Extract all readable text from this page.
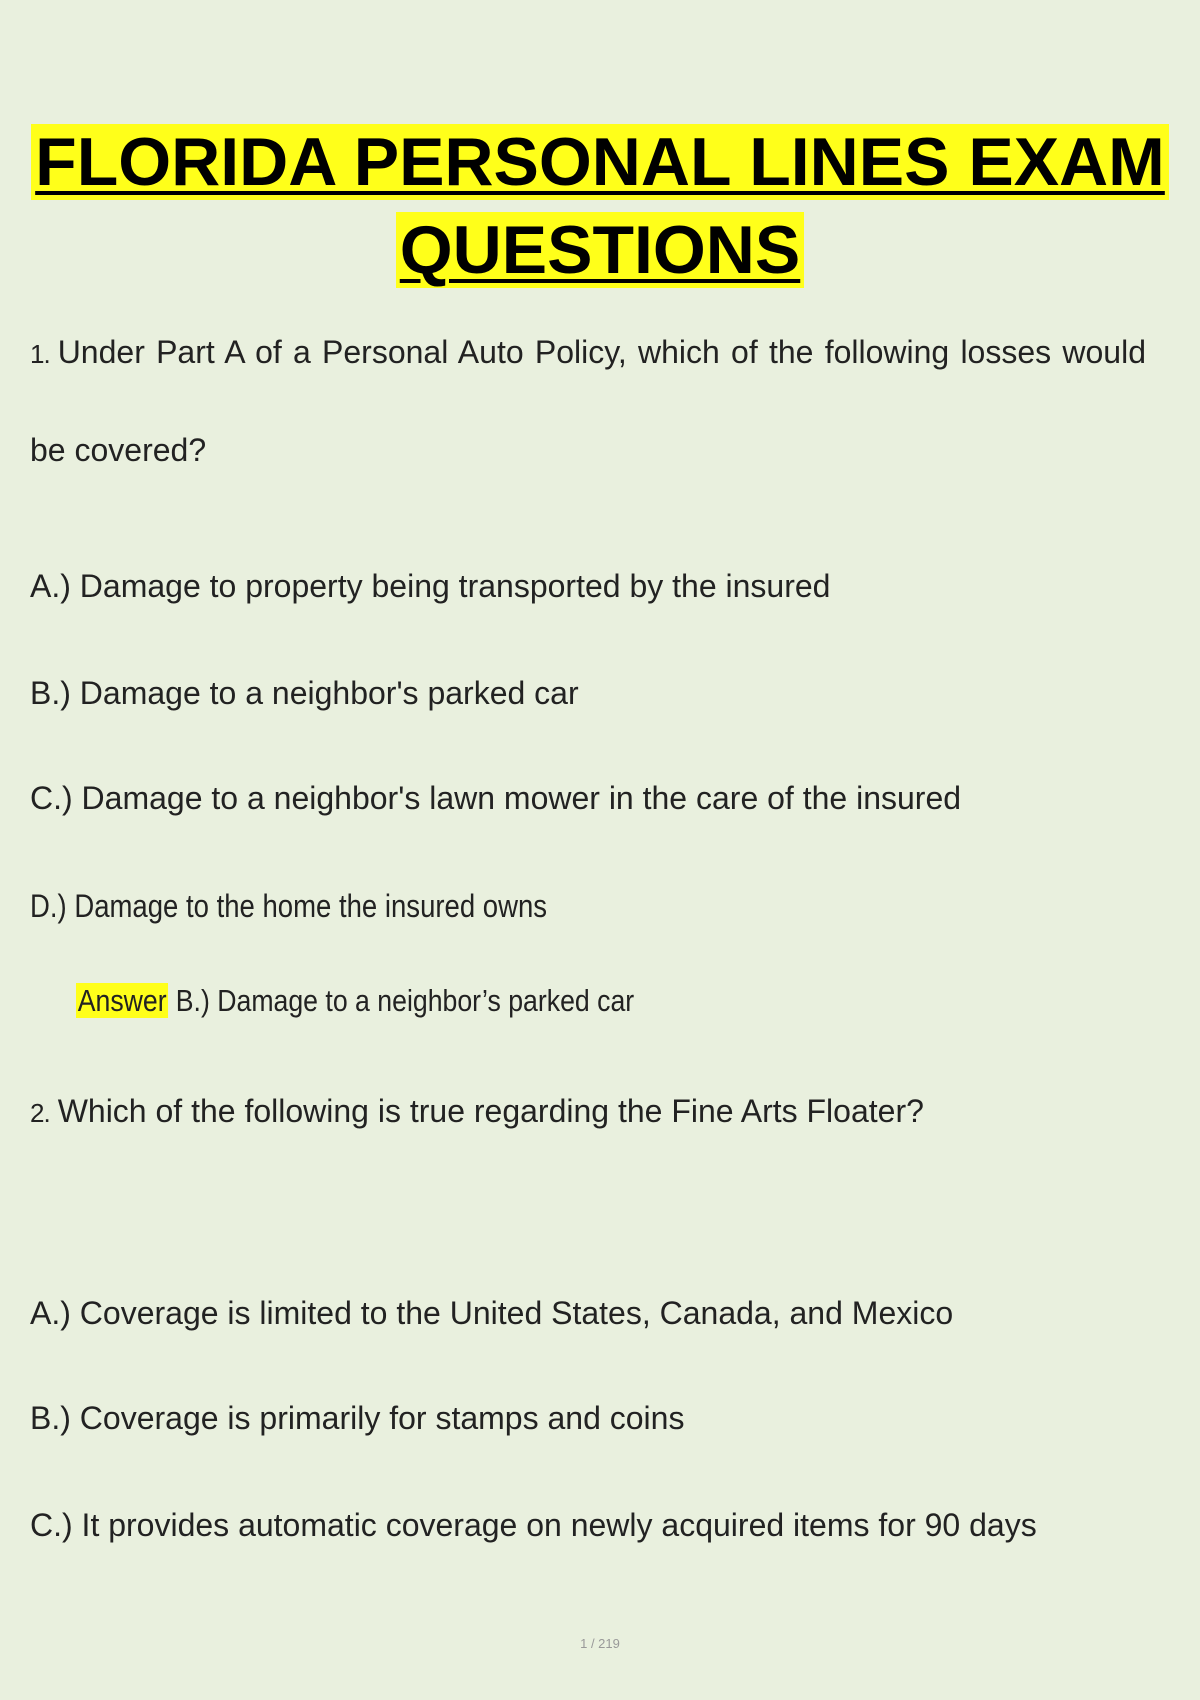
FLORIDA PERSONAL LINES EXAM
QUESTIONS
1. Under Part A of a Personal Auto Policy, which of the following losses would
be covered?
A.) Damage to property being transported by the insured
B.) Damage to a neighbor's parked car
C.) Damage to a neighbor's lawn mower in the care of the insured
D.) Damage to the home the insured owns
Answer B.) Damage to a neighbor’s parked car
2. Which of the following is true regarding the Fine Arts Floater?
A.) Coverage is limited to the United States, Canada, and Mexico
B.) Coverage is primarily for stamps and coins
C.) It provides automatic coverage on newly acquired items for 90 days
1 / 219
